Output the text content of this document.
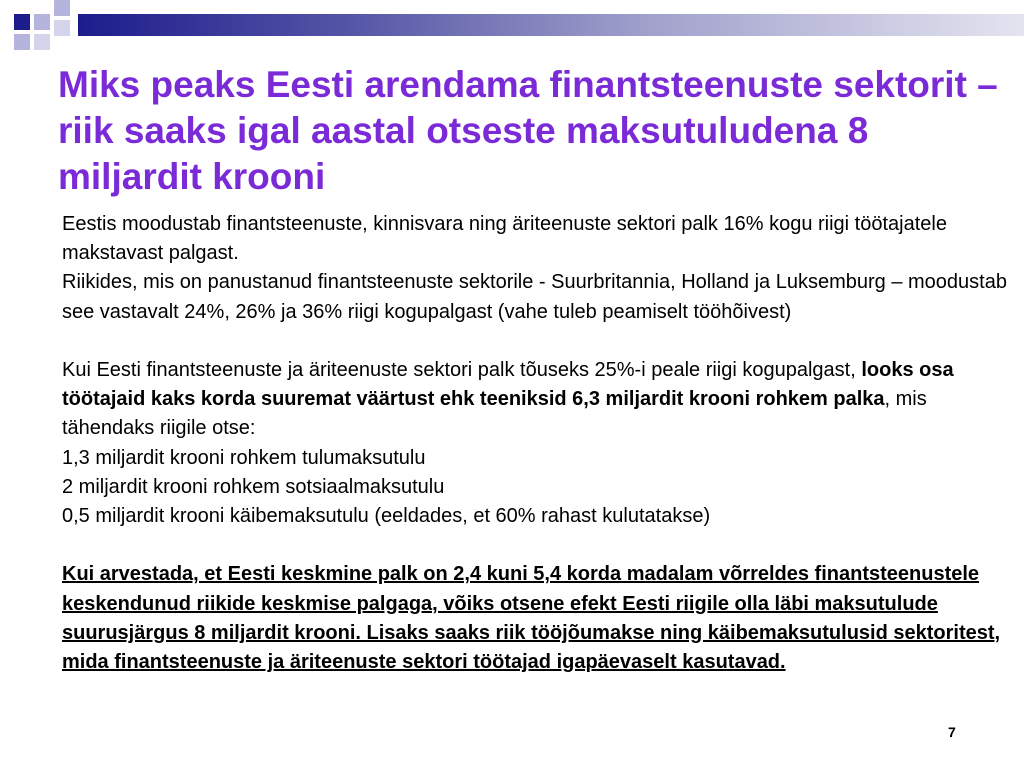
Miks peaks Eesti arendama finantsteenuste sektorit – riik saaks igal aastal otseste maksutuludena 8 miljardit krooni

Eestis moodustab finantsteenuste, kinnisvara ning äriteenuste sektori palk 16% kogu riigi töötajatele makstavast palgast.

Riikides, mis on panustanud finantsteenuste sektorile - Suurbritannia, Holland ja Luksemburg – moodustab see vastavalt 24%, 26% ja 36% riigi kogupalgast (vahe tuleb peamiselt tööhõivest)

Kui Eesti finantsteenuste ja äriteenuste sektori palk tõuseks 25%-i peale riigi kogupalgast, looks osa töötajaid kaks korda suuremat väärtust ehk teeniksid 6,3 miljardit krooni rohkem palka, mis tähendaks riigile otse:

1,3 miljardit krooni rohkem tulumaksutulu

2 miljardit krooni rohkem sotsiaalmaksutulu

0,5 miljardit krooni käibemaksutulu (eeldades, et 60% rahast kulutatakse)

Kui arvestada, et Eesti keskmine palk on 2,4 kuni 5,4 korda madalam võrreldes finantsteenustele keskendunud riikide keskmise palgaga, võiks otsene efekt Eesti riigile olla läbi maksutulude suurusjärgus 8 miljardit krooni. Lisaks saaks riik tööjõumakse ning käibemaksutulusid sektoritest, mida finantsteenuste ja äriteenuste sektori töötajad igapäevaselt kasutavad.

7
